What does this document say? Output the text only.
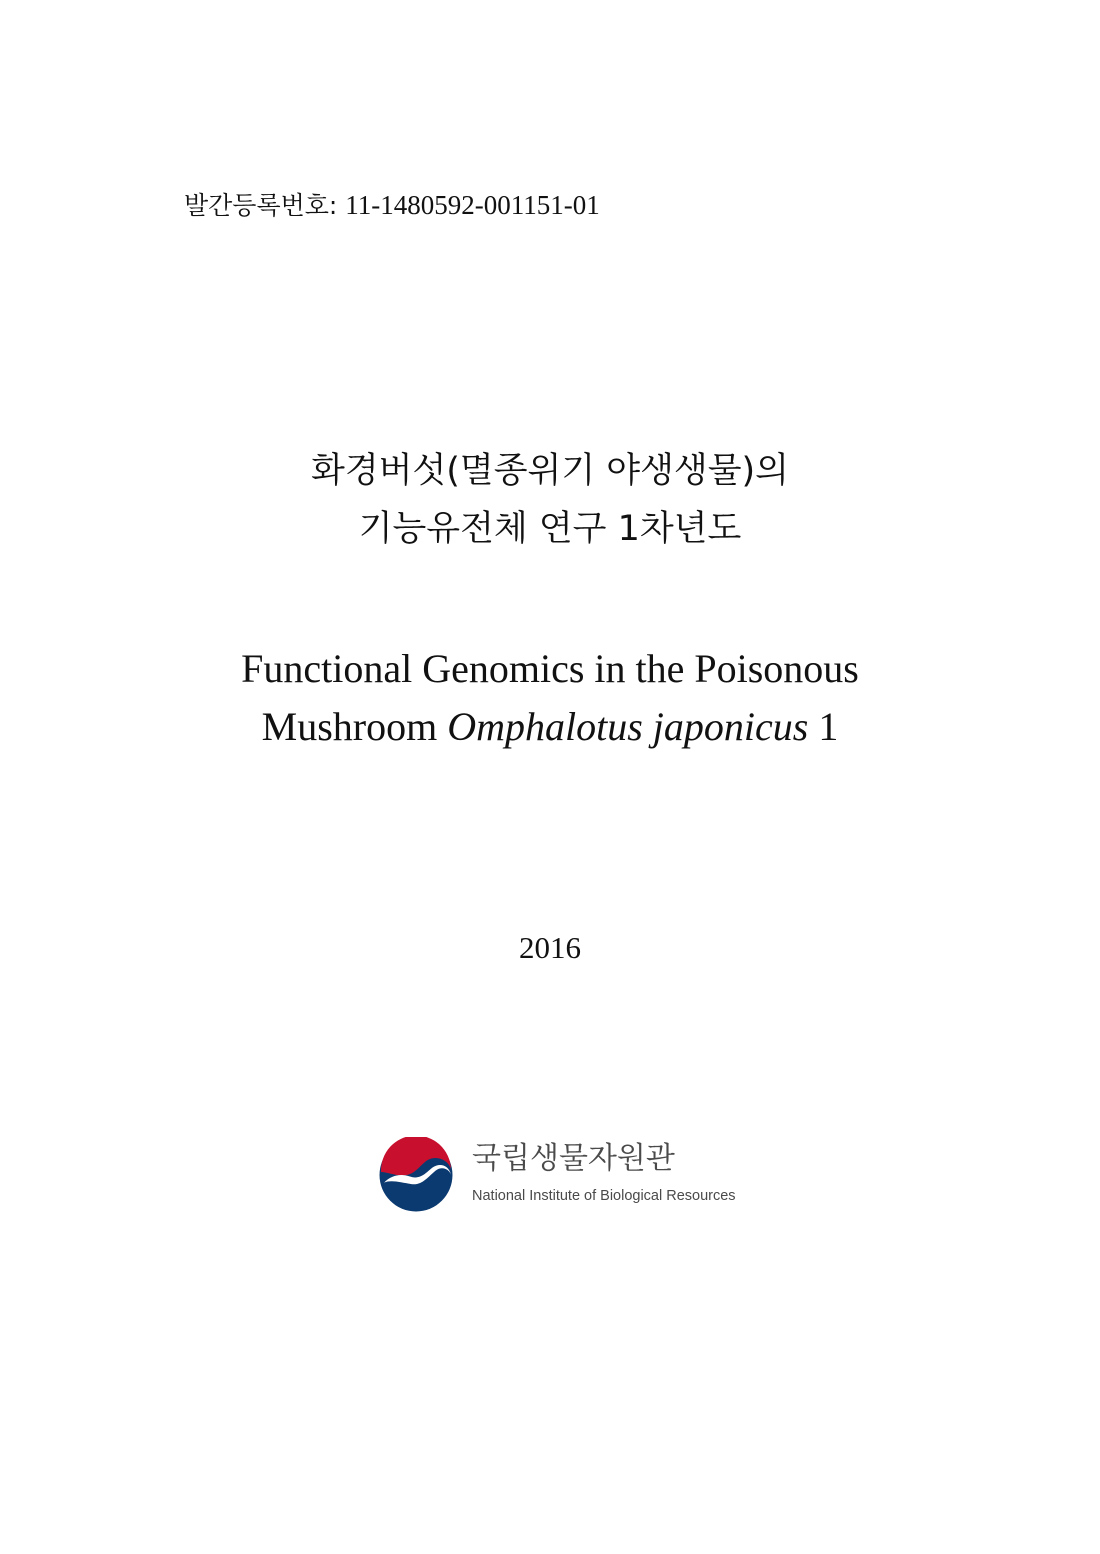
발간등록번호: 11-1480592-001151-01
화경버섯(멸종위기 야생생물)의
기능유전체 연구 1차년도
Functional Genomics in the Poisonous
Mushroom Omphalotus japonicus 1
2016
국립생물자원관
National Institute of Biological Resources
